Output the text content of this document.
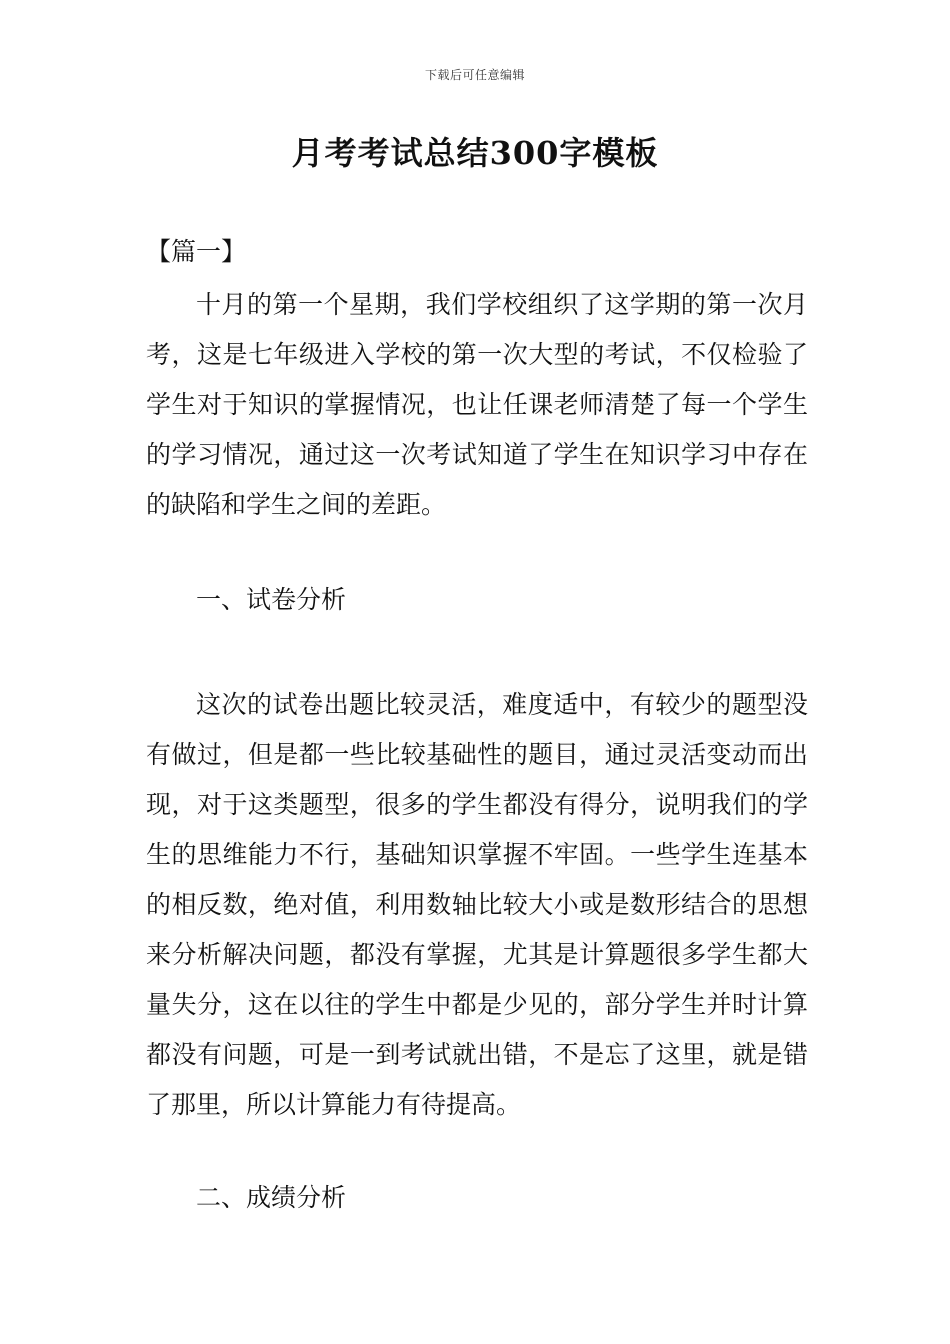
下载后可任意编辑
月考考试总结300字模板

【篇一】

十月的第一个星期，我们学校组织了这学期的第一次月考，这是七年级进入学校的第一次大型的考试，不仅检验了学生对于知识的掌握情况，也让任课老师清楚了每一个学生的学习情况，通过这一次考试知道了学生在知识学习中存在的缺陷和学生之间的差距。

一、试卷分析

这次的试卷出题比较灵活，难度适中，有较少的题型没有做过，但是都一些比较基础性的题目，通过灵活变动而出现，对于这类题型，很多的学生都没有得分，说明我们的学生的思维能力不行，基础知识掌握不牢固。一些学生连基本的相反数，绝对值，利用数轴比较大小或是数形结合的思想来分析解决问题，都没有掌握，尤其是计算题很多学生都大量失分，这在以往的学生中都是少见的，部分学生并时计算都没有问题，可是一到考试就出错，不是忘了这里，就是错了那里，所以计算能力有待提高。

二、成绩分析
